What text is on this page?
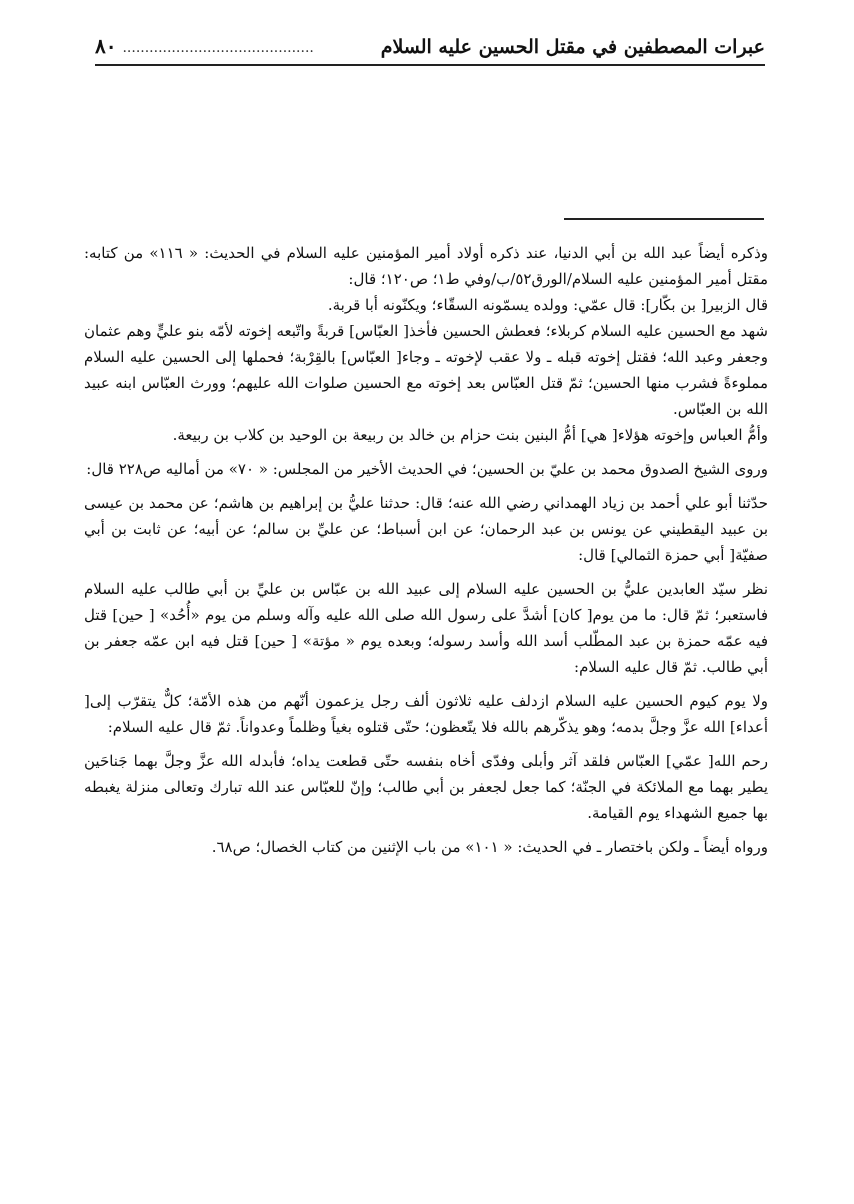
٨٠ ...........................................	عبرات المصطفين في مقتل الحسين عليه السلام

وذكره أيضاً عبد الله بن أبي الدنيا، عند ذكره أولاد أمير المؤمنين عليه السلام في الحديث: « ١١٦» من كتابه: مقتل أمير المؤمنين عليه السلام/الورق٥٢/ب/وفي ط١؛ ص١٢٠؛ قال:

قال الزبير[ بن بكّار]: قال عمّي: وولده يسمّونه السقّاء؛ ويكنّونه أبا قربة.

شهد مع الحسين عليه السلام كربلاء؛ فعطش الحسين فأخذ[ العبّاس] قربةً واتّبعه إخوته لأمّه بنو عليٍّ وهم عثمان وجعفر وعبد الله؛ فقتل إخوته قبله ـ ولا عقب لإخوته ـ وجاء[ العبّاس] بالقِرْبة؛ فحملها إلى الحسين عليه السلام مملوءةً فشرب منها الحسين؛ ثمّ قتل العبّاس بعد إخوته مع الحسين صلوات الله عليهم؛ وورث العبّاس ابنه عبيد الله بن العبّاس.

وأمُّ العباس وإخوته هؤلاء[ هي] أمُّ البنين بنت حزام بن خالد بن ربيعة بن الوحيد بن كلاب بن ربيعة.

وروى الشيخ الصدوق محمد بن عليّ بن الحسين؛ في الحديث الأخير من المجلس: « ٧٠» من أماليه ص٢٢٨ قال:

حدّثنا أبو علي أحمد بن زياد الهمداني رضي الله عنه؛ قال: حدثنا عليُّ بن إبراهيم بن هاشم؛ عن محمد بن عيسى بن عبيد اليقطيني عن يونس بن عبد الرحمان؛ عن ابن أسباط؛ عن عليِّ بن سالم؛ عن أبيه؛ عن ثابت بن أبي صفيّة[ أبي حمزة الثمالي] قال:

نظر سيّد العابدين عليُّ بن الحسين عليه السلام إلى عبيد الله بن عبّاس بن عليِّ بن أبي طالب عليه السلام فاستعبر؛ ثمّ قال: ما من يوم[ كان] أشدَّ على رسول الله صلى الله عليه وآله وسلم من يوم «أُحُد» [ حين] قتل فيه عمّه حمزة بن عبد المطّلب أسد الله وأسد رسوله؛ وبعده يوم « مؤتة» [ حين] قتل فيه ابن عمّه جعفر بن أبي طالب. ثمّ قال عليه السلام:

ولا يوم كيوم الحسين عليه السلام ازدلف عليه ثلاثون ألف رجل يزعمون أنّهم من هذه الأمّة؛ كلٌّ يتقرّب إلى[ أعداء] الله عزَّ وجلَّ بدمه؛ وهو يذكّرهم بالله فلا يتّعظون؛ حتّى قتلوه بغياً وظلماً وعدواناً. ثمّ قال عليه السلام:

رحم الله[ عمّي] العبّاس فلقد آثر وأبلى وفدّى أخاه بنفسه حتّى قطعت يداه؛ فأبدله الله عزَّ وجلَّ بهما جَناحَين يطير بهما مع الملائكة في الجنّة؛ كما جعل لجعفر بن أبي طالب؛ وإنّ للعبّاس عند الله تبارك وتعالى منزلة يغبطه بها جميع الشهداء يوم القيامة.

ورواه أيضاً ـ ولكن باختصار ـ في الحديث: « ١٠١» من باب الإثنين من كتاب الخصال؛ ص٦٨.
